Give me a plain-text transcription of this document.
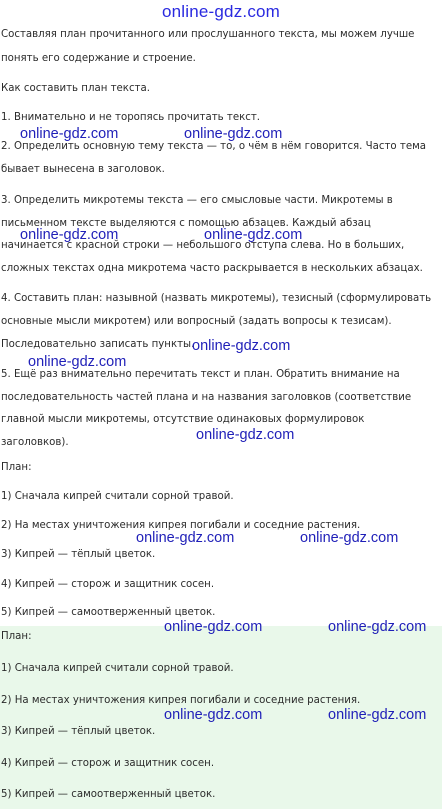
online-gdz.com
Составляя план прочитанного или прослушанного текста, мы можем лучше
понять его содержание и строение.
Как составить план текста.
1. Внимательно и не торопясь прочитать текст.
2. Определить основную тему текста — то, о чём в нём говорится. Часто тема
бывает вынесена в заголовок.
3. Определить микротемы текста — его смысловые части. Микротемы в
письменном тексте выделяются с помощью абзацев. Каждый абзац
начинается с красной строки — небольшого отступа слева. Но в больших,
сложных текстах одна микротема часто раскрывается в нескольких абзацах.
4. Составить план: назывной (назвать микротемы), тезисный (сформулировать
основные мысли микротем) или вопросный (задать вопросы к тезисам).
Последовательно записать пункты.
5. Ещё раз внимательно перечитать текст и план. Обратить внимание на
последовательность частей плана и на названия заголовков (соответствие
главной мысли микротемы, отсутствие одинаковых формулировок
заголовков).
План:
1) Сначала кипрей считали сорной травой.
2) На местах уничтожения кипрея погибали и соседние растения.
3) Кипрей — тёплый цветок.
4) Кипрей — сторож и защитник сосен.
5) Кипрей — самоотверженный цветок.
План:
1) Сначала кипрей считали сорной травой.
2) На местах уничтожения кипрея погибали и соседние растения.
3) Кипрей — тёплый цветок.
4) Кипрей — сторож и защитник сосен.
5) Кипрей — самоотверженный цветок.
online-gdz.com	online-gdz.com
online-gdz.com	online-gdz.com
online-gdz.com
online-gdz.com
online-gdz.com
online-gdz.com	online-gdz.com
online-gdz.com	online-gdz.com
online-gdz.com	online-gdz.com
